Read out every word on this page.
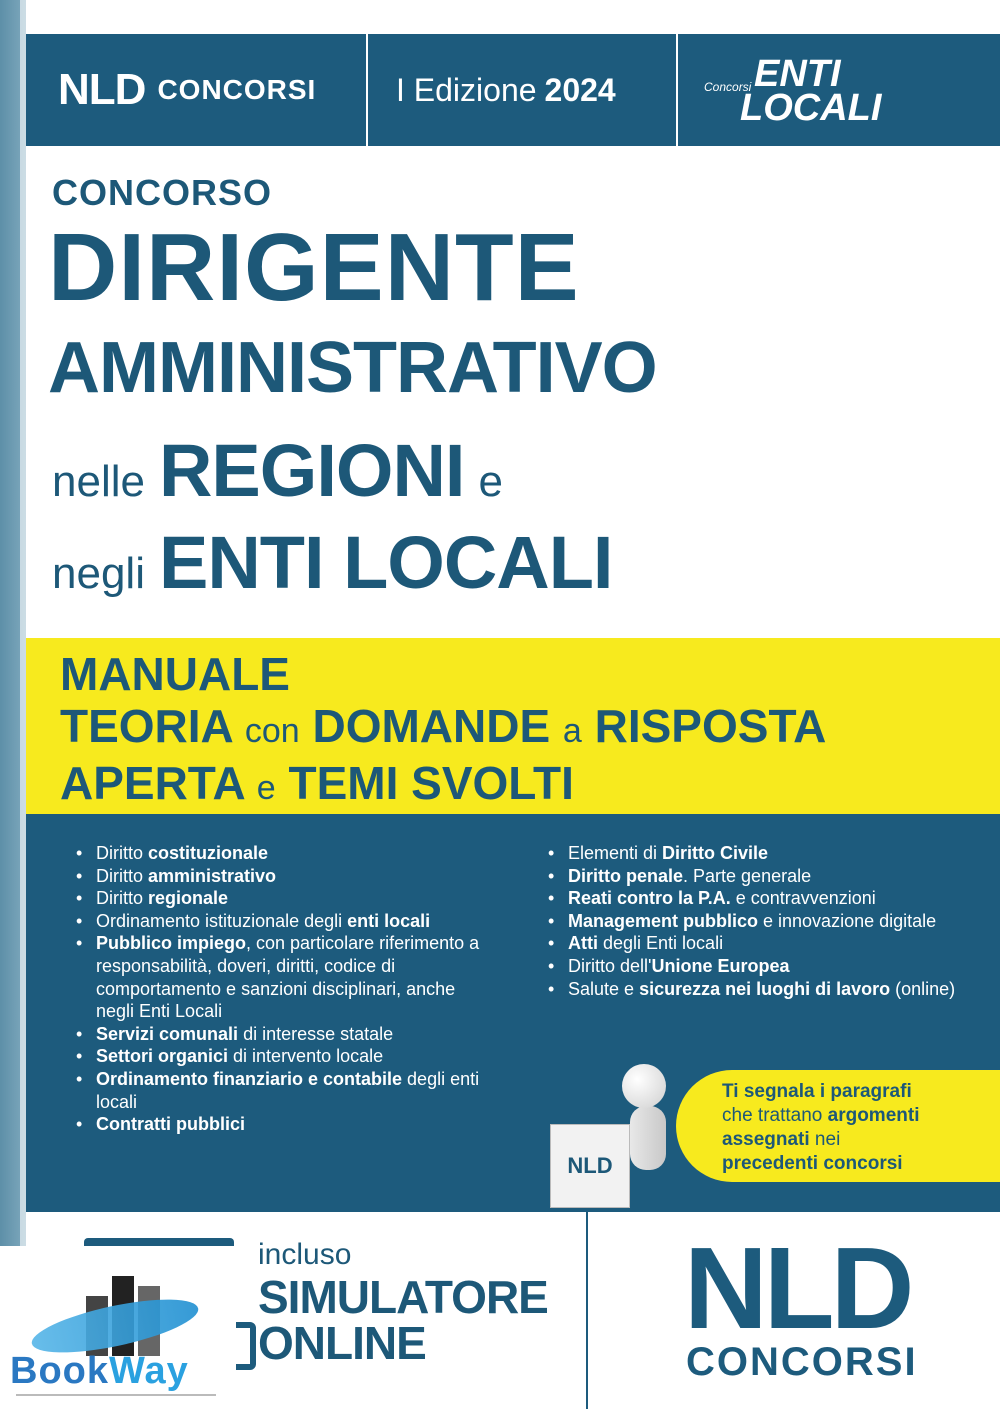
NLD CONCORSI I Edizione 2024	Concorsi ENTI
LOCALI
CONCORSO
DIRIGENTE
AMMINISTRATIVO
nelle REGIONI e
negli ENTI LOCALI
MANUALE
TEORIA con DOMANDE a RISPOSTA
APERTA e TEMI SVOLTI
• Diritto costituzionale
• Diritto amministrativo
• Diritto regionale
• Ordinamento istituzionale degli enti locali
• Pubblico impiego, con particolare riferimento a responsabilità, doveri, diritti, codice di comportamento e sanzioni disciplinari, anche negli Enti Locali
• Servizi comunali di interesse statale
• Settori organici di intervento locale
• Ordinamento finanziario e contabile degli enti locali
• Contratti pubblici
• Elementi di Diritto Civile
• Diritto penale. Parte generale
• Reati contro la P.A. e contravvenzioni
• Management pubblico e innovazione digitale
• Atti degli Enti locali
• Diritto dell'Unione Europea
• Salute e sicurezza nei luoghi di lavoro (online)
Ti segnala i paragrafi
che trattano argomenti
assegnati nei
precedenti concorsi
NLD
incluso
SIMULATORE
ONLINE NLD
CONCORSI
BookWay
